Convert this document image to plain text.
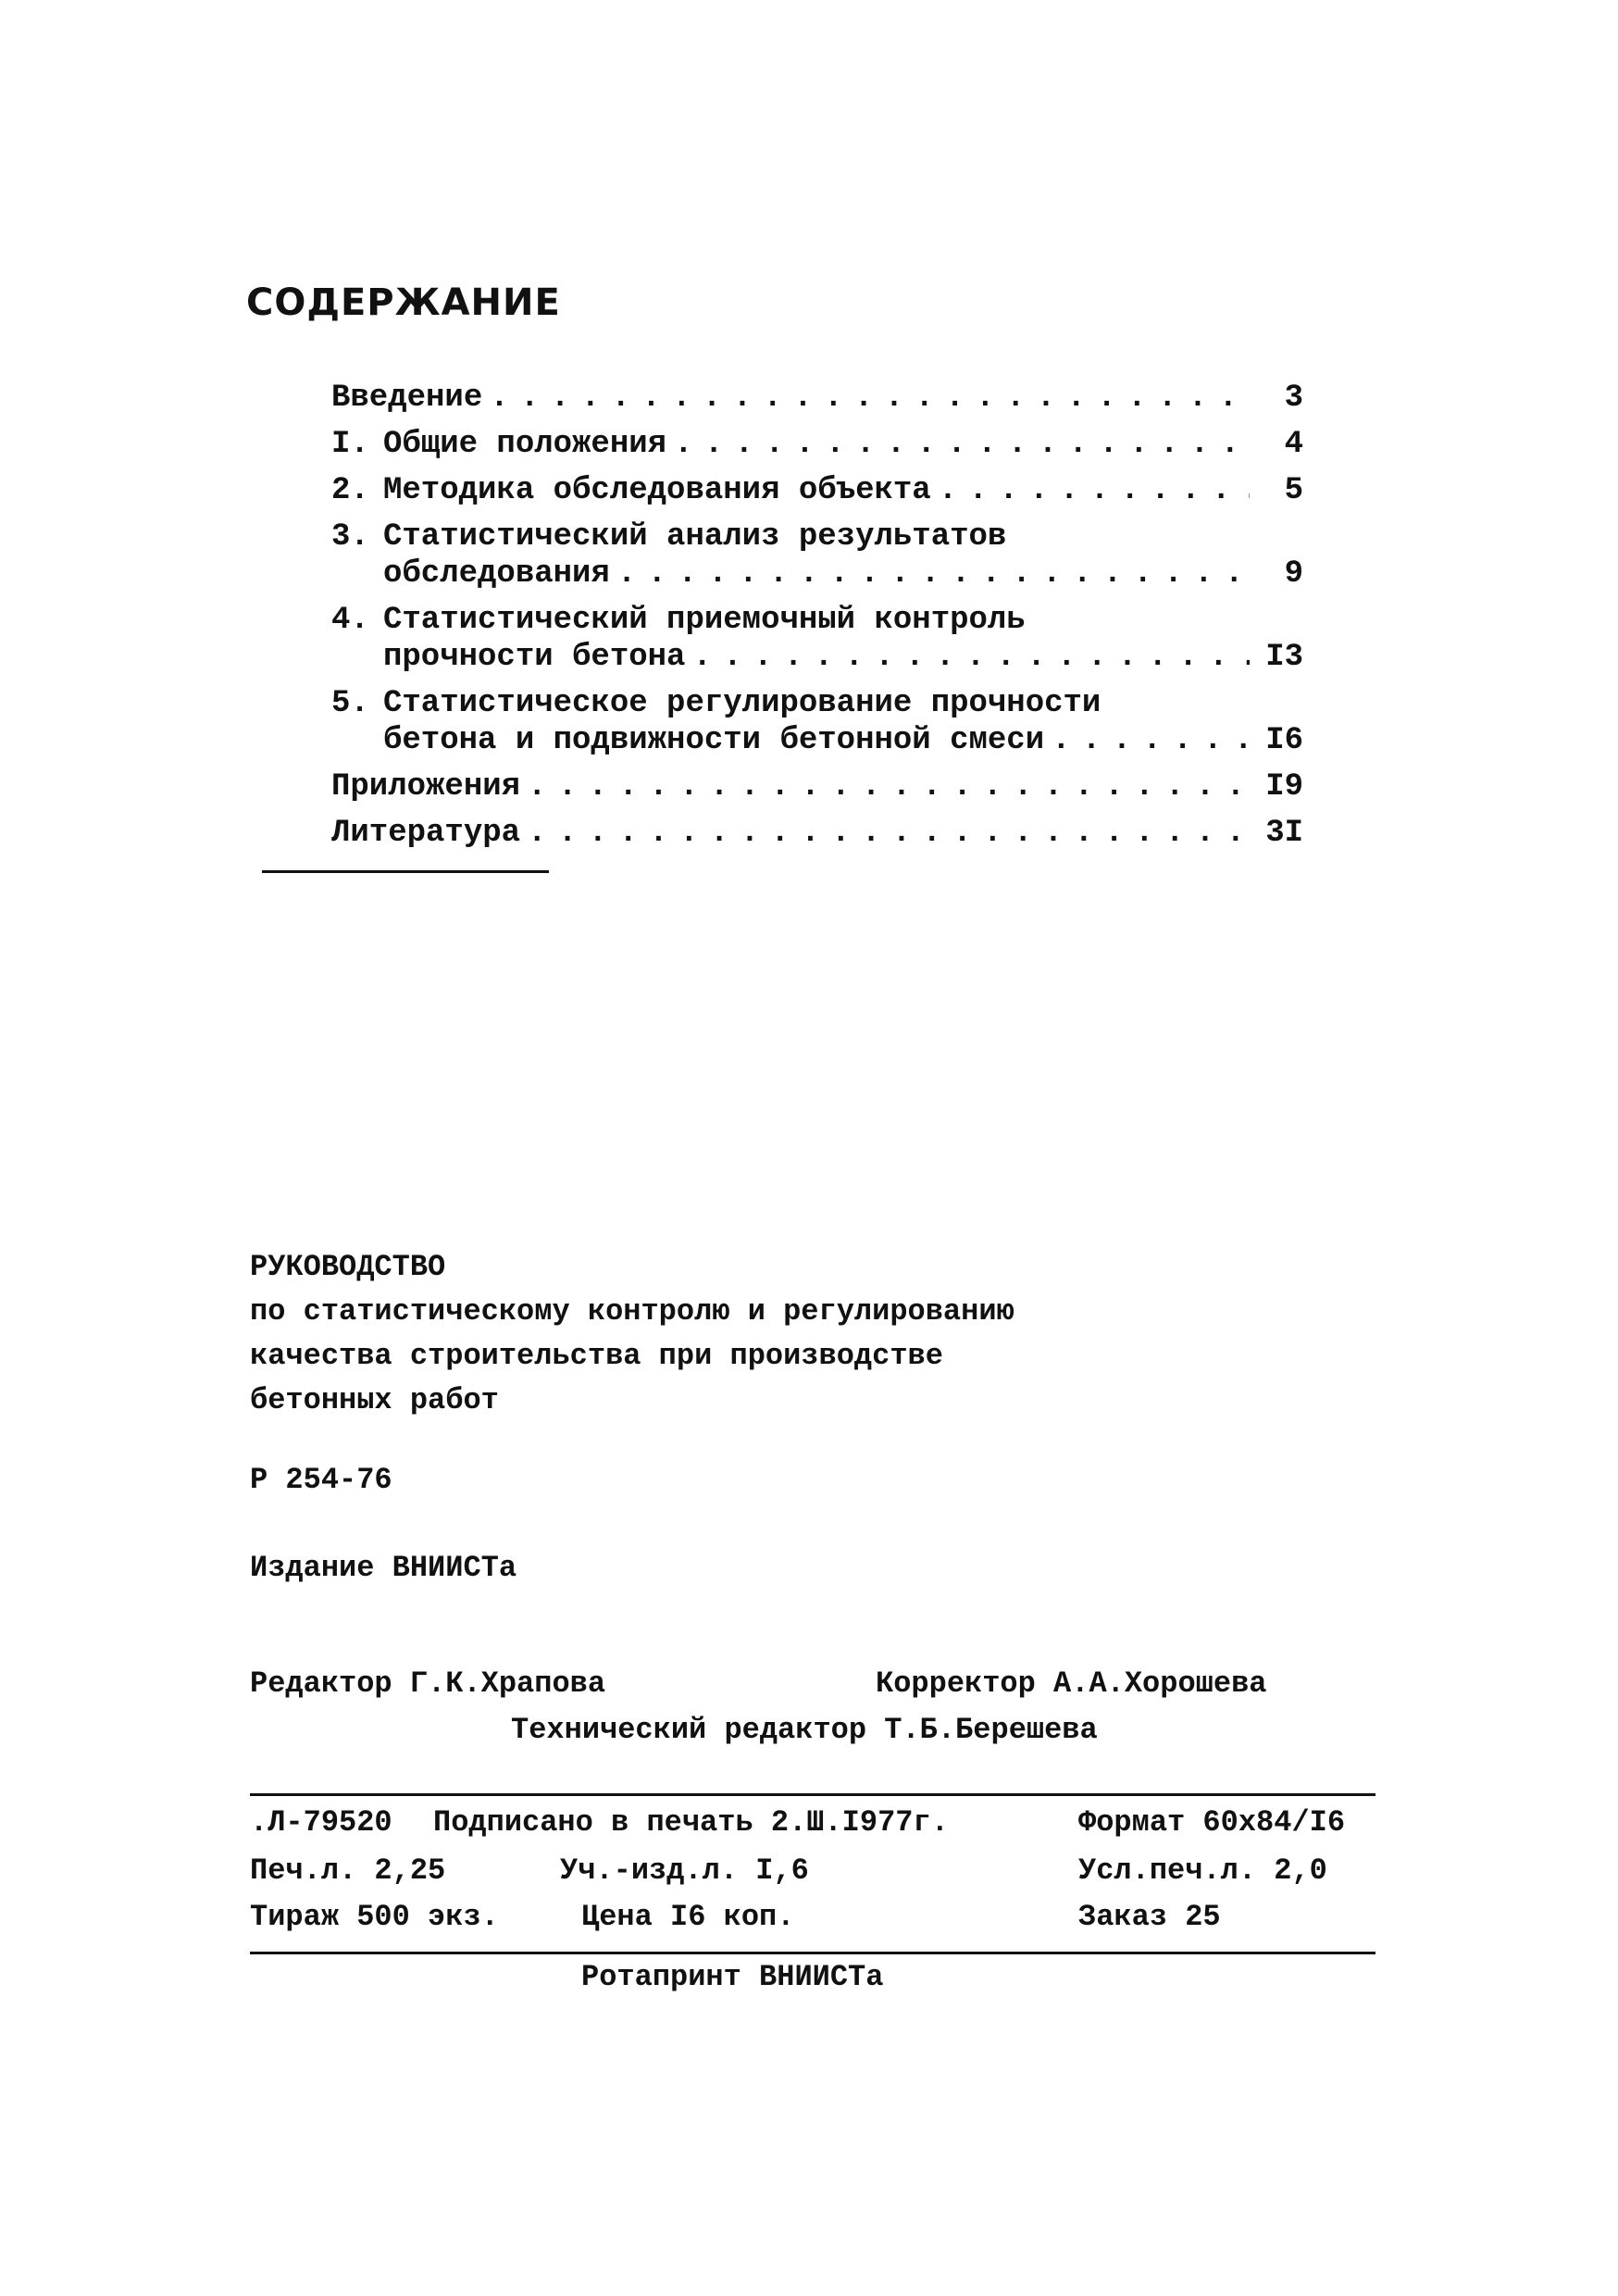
СОДЕРЖАНИЕ
Введение . . .	3
I. Общие положения . . .	4
2. Методика обследования объекта . . .	5
3. Статистический анализ результатов
обследования . . .	9
4. Статистический приемочный контроль
прочности бетона . . .	I3
5. Статистическое регулирование прочности
бетона и подвижности бетонной смеси . . .	I6
Приложения . . .	I9
Литература . . .	3I
РУКОВОДСТВО
по статистическому контролю и регулированию
качества строительства при производстве
бетонных работ
Р 254-76
Издание ВНИИСТа
Редактор Г.К.Храпова	Корректор А.А.Хорошева
Технический редактор Т.Б.Берешева
.Л-79520 Подписано в печать 2.Ш.I977г.	Формат 60х84/I6
Печ.л. 2,25	Уч.-изд.л. I,6	Усл.печ.л. 2,0
Тираж 500 экз.	Цена I6 коп.	Заказ 25
Ротапринт ВНИИСТа
